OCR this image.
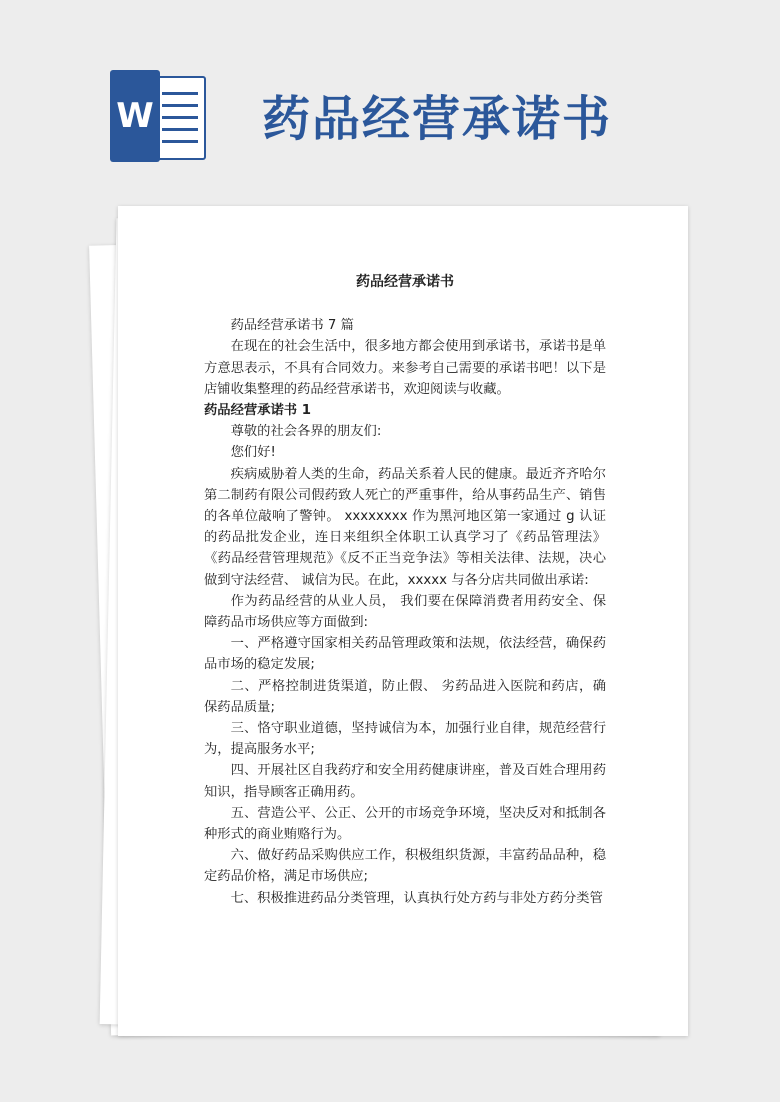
W 药品经营承诺书
药品经营承诺书

药品经营承诺书 7 篇

在现在的社会生活中，很多地方都会使用到承诺书，承诺书是单方意思表示，不具有合同效力。来参考自己需要的承诺书吧！以下是店铺收集整理的药品经营承诺书，欢迎阅读与收藏。

药品经营承诺书 1

尊敬的社会各界的朋友们:

您们好!

疾病威胁着人类的生命，药品关系着人民的健康。最近齐齐哈尔第二制药有限公司假药致人死亡的严重事件，给从事药品生产、销售的各单位敲响了警钟。 xxxxxxxx 作为黑河地区第一家通过 g 认证的药品批发企业，连日来组织全体职工认真学习了《药品管理法》《药品经营管理规范》《反不正当竞争法》等相关法律、法规，决心做到守法经营、 诚信为民。在此，xxxxx 与各分店共同做出承诺:

作为药品经营的从业人员， 我们要在保障消费者用药安全、保障药品市场供应等方面做到:

一、严格遵守国家相关药品管理政策和法规，依法经营，确保药品市场的稳定发展;

二、严格控制进货渠道，防止假、 劣药品进入医院和药店，确保药品质量;

三、恪守职业道德，坚持诚信为本，加强行业自律，规范经营行为，提高服务水平;

四、开展社区自我药疗和安全用药健康讲座，普及百姓合理用药知识，指导顾客正确用药。

五、营造公平、公正、公开的市场竞争环境，坚决反对和抵制各种形式的商业贿赂行为。

六、做好药品采购供应工作，积极组织货源，丰富药品品种，稳定药品价格，满足市场供应;

七、积极推进药品分类管理，认真执行处方药与非处方药分类管
